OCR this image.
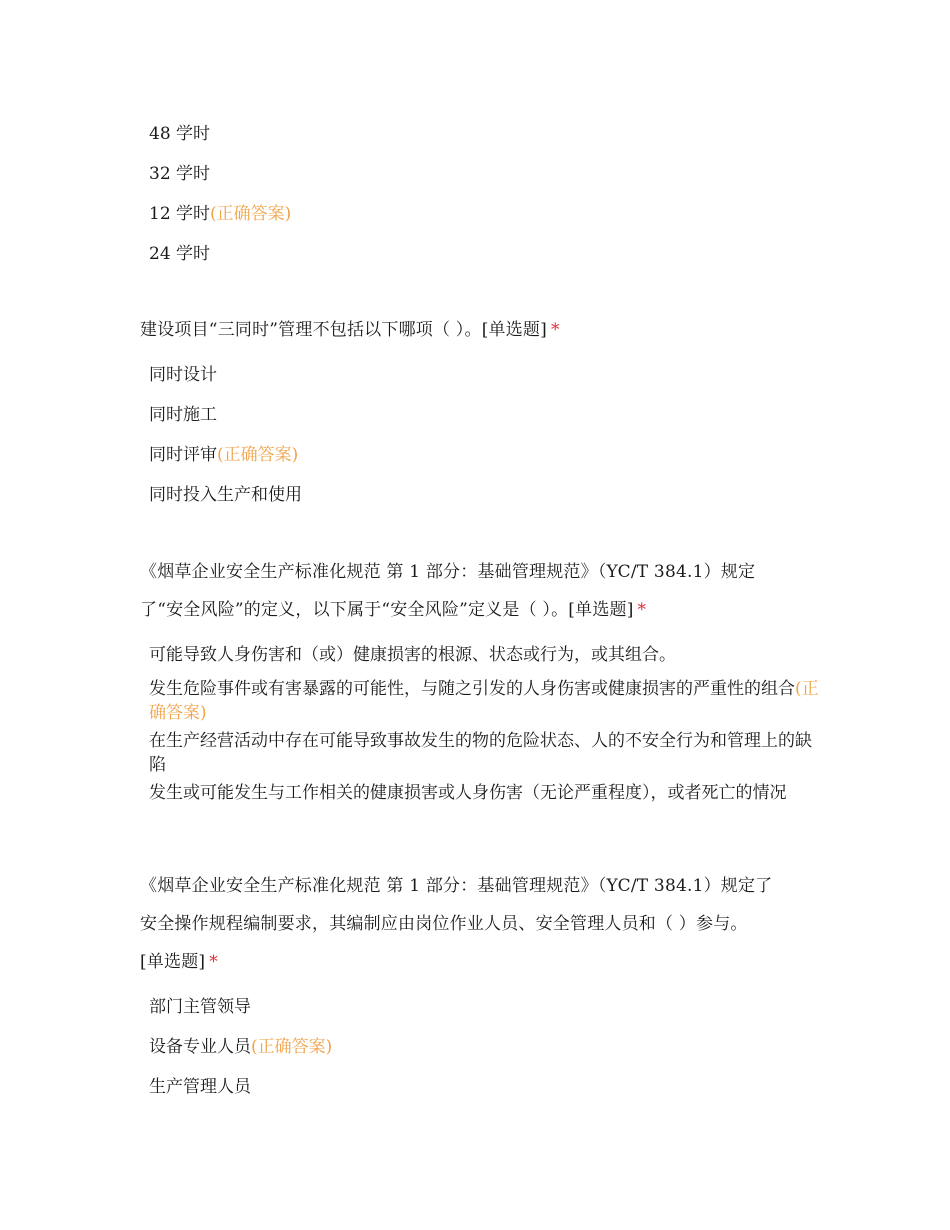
48 学时
32 学时
12 学时(正确答案)
24 学时
建设项目“三同时”管理不包括以下哪项（ ）。[单选题] *
同时设计
同时施工
同时评审(正确答案)
同时投入生产和使用
《烟草企业安全生产标准化规范 第 1 部分：基础管理规范》（YC/T 384.1）规定
了“安全风险”的定义，以下属于“安全风险”定义是（ ）。[单选题] *
可能导致人身伤害和（或）健康损害的根源、状态或行为，或其组合。
发生危险事件或有害暴露的可能性，与随之引发的人身伤害或健康损害的严重性的组合(正确答案)
在生产经营活动中存在可能导致事故发生的物的危险状态、人的不安全行为和管理上的缺陷
发生或可能发生与工作相关的健康损害或人身伤害（无论严重程度），或者死亡的情况
《烟草企业安全生产标准化规范 第 1 部分：基础管理规范》（YC/T 384.1）规定了
安全操作规程编制要求，其编制应由岗位作业人员、安全管理人员和（ ）参与。
[单选题] *
部门主管领导
设备专业人员(正确答案)
生产管理人员
